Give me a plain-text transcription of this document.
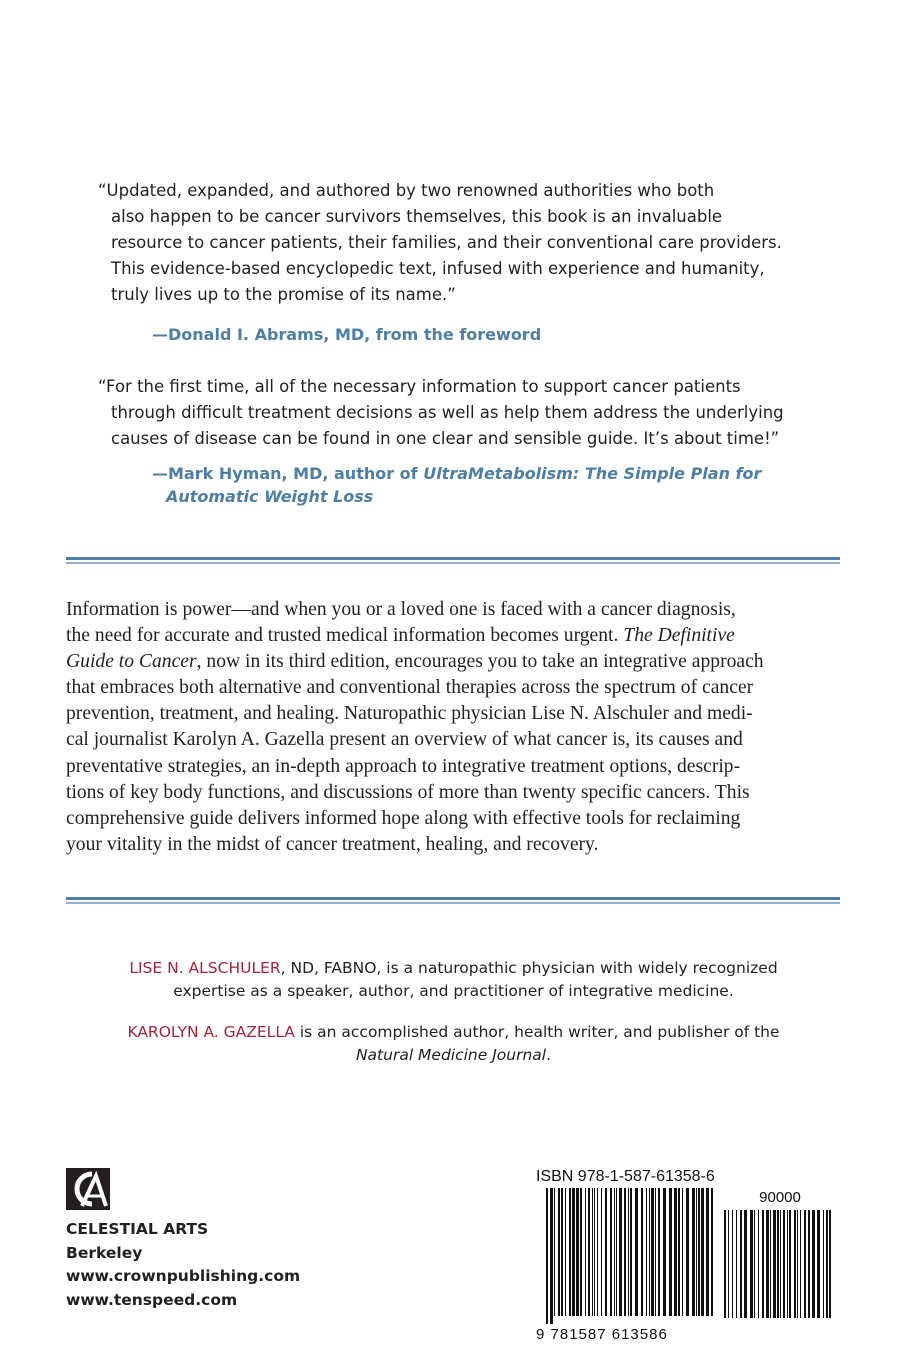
“Updated, expanded, and authored by two renowned authorities who both
also happen to be cancer survivors themselves, this book is an invaluable
resource to cancer patients, their families, and their conventional care providers.
This evidence-based encyclopedic text, infused with experience and humanity,
truly lives up to the promise of its name.”
—Donald I. Abrams, MD, from the foreword
“For the first time, all of the necessary information to support cancer patients
through difficult treatment decisions as well as help them address the underlying
causes of disease can be found in one clear and sensible guide. It’s about time!”
—Mark Hyman, MD, author of UltraMetabolism: The Simple Plan for
Automatic Weight Loss
Information is power—and when you or a loved one is faced with a cancer diagnosis,
the need for accurate and trusted medical information becomes urgent. The Definitive
Guide to Cancer, now in its third edition, encourages you to take an integrative approach
that embraces both alternative and conventional therapies across the spectrum of cancer
prevention, treatment, and healing. Naturopathic physician Lise N. Alschuler and medi-
cal journalist Karolyn A. Gazella present an overview of what cancer is, its causes and
preventative strategies, an in-depth approach to integrative treatment options, descrip-
tions of key body functions, and discussions of more than twenty specific cancers. This
comprehensive guide delivers informed hope along with effective tools for reclaiming
your vitality in the midst of cancer treatment, healing, and recovery.
LISE N. ALSCHULER, ND, FABNO, is a naturopathic physician with widely recognized
expertise as a speaker, author, and practitioner of integrative medicine.
KAROLYN A. GAZELLA is an accomplished author, health writer, and publisher of the
Natural Medicine Journal.
CELESTIAL ARTS
Berkeley
www.crownpublishing.com
www.tenspeed.com
ISBN 978-1-587-61358-6
90000
9 781587 613586
